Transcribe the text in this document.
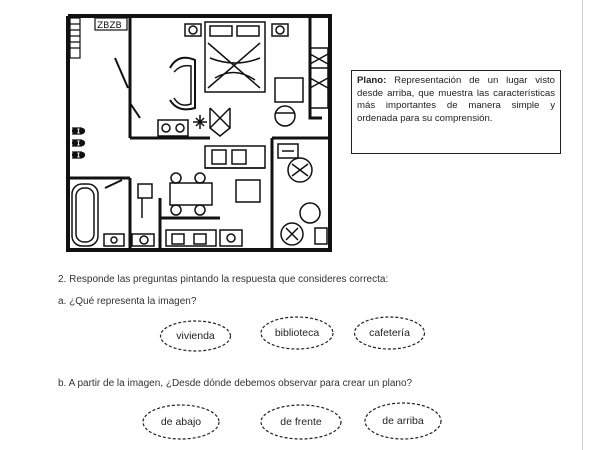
ZBZB
Plano: Representación de un lugar visto desde arriba, que muestra las características más importantes de manera simple y ordenada para su comprensión.
2. Responde las preguntas pintando la respuesta que consideres correcta:
a. ¿Qué representa la imagen?
vivienda	biblioteca	cafetería
b. A partir de la imagen, ¿Desde dónde debemos observar para crear un plano?
de abajo	de frente	de arriba
